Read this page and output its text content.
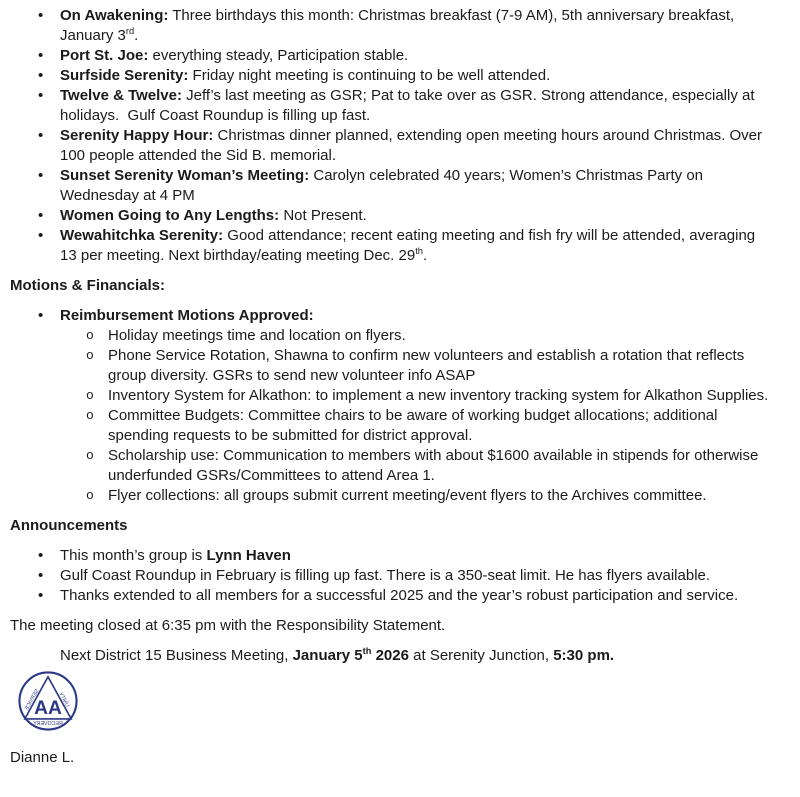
• On Awakening: Three birthdays this month: Christmas breakfast (7-9 AM), 5th anniversary breakfast, January 3rd.
• Port St. Joe: everything steady, Participation stable.
• Surfside Serenity: Friday night meeting is continuing to be well attended.
• Twelve & Twelve: Jeff’s last meeting as GSR; Pat to take over as GSR. Strong attendance, especially at holidays.  Gulf Coast Roundup is filling up fast.
• Serenity Happy Hour: Christmas dinner planned, extending open meeting hours around Christmas. Over 100 people attended the Sid B. memorial.
• Sunset Serenity Woman’s Meeting: Carolyn celebrated 40 years; Women’s Christmas Party on Wednesday at 4 PM
• Women Going to Any Lengths: Not Present.
• Wewahitchka Serenity: Good attendance; recent eating meeting and fish fry will be attended, averaging 13 per meeting. Next birthday/eating meeting Dec. 29th.
Motions & Financials:
• Reimbursement Motions Approved:
o Holiday meetings time and location on flyers.
o Phone Service Rotation, Shawna to confirm new volunteers and establish a rotation that reflects group diversity. GSRs to send new volunteer info ASAP
o Inventory System for Alkathon: to implement a new inventory tracking system for Alkathon Supplies.
o Committee Budgets: Committee chairs to be aware of working budget allocations; additional spending requests to be submitted for district approval.
o Scholarship use: Communication to members with about $1600 available in stipends for otherwise underfunded GSRs/Committees to attend Area 1.
o Flyer collections: all groups submit current meeting/event flyers to the Archives committee.
Announcements
• This month’s group is Lynn Haven
• Gulf Coast Roundup in February is filling up fast. There is a 350-seat limit. He has flyers available.
• Thanks extended to all members for a successful 2025 and the year’s robust participation and service.

The meeting closed at 6:35 pm with the Responsibility Statement.

Next District 15 Business Meeting, January 5th 2026 at Serenity Junction, 5:30 pm.

AA
UNITY
SERVICE
RECOVERY

Dianne L.
